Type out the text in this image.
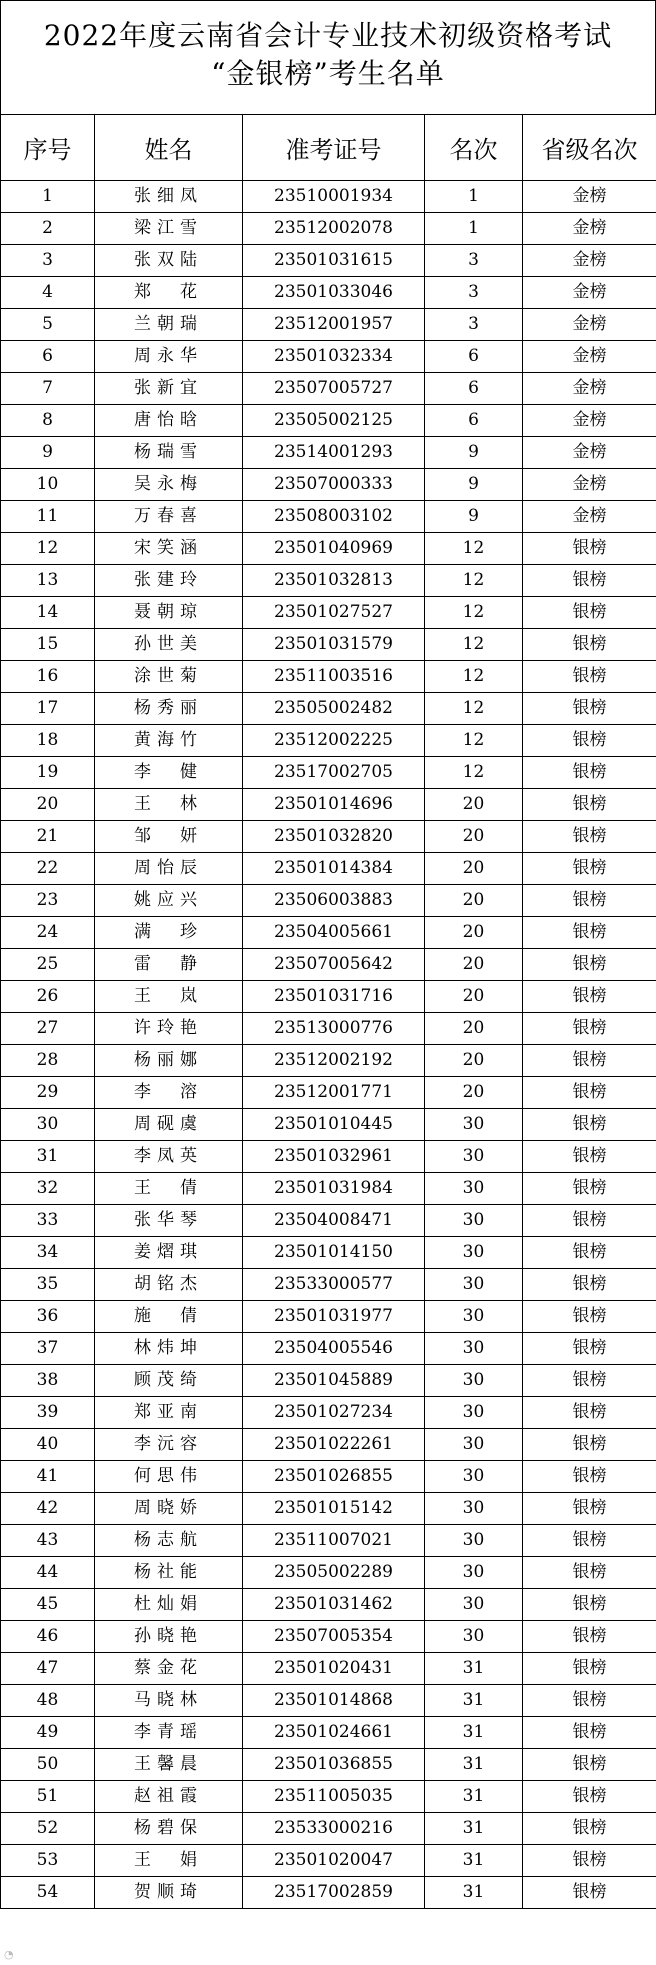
2022年度云南省会计专业技术初级资格考试
“金银榜”考生名单
序号	姓名	准考证号	名次	省级名次
1	张细凤	23510001934	1	金榜
2	梁江雪	23512002078	1	金榜
3	张双陆	23501031615	3	金榜
4	郑　花	23501033046	3	金榜
5	兰朝瑞	23512001957	3	金榜
6	周永华	23501032334	6	金榜
7	张新宜	23507005727	6	金榜
8	唐怡晗	23505002125	6	金榜
9	杨瑞雪	23514001293	9	金榜
10	吴永梅	23507000333	9	金榜
11	万春喜	23508003102	9	金榜
12	宋笑涵	23501040969	12	银榜
13	张建玲	23501032813	12	银榜
14	聂朝琼	23501027527	12	银榜
15	孙世美	23501031579	12	银榜
16	涂世菊	23511003516	12	银榜
17	杨秀丽	23505002482	12	银榜
18	黄海竹	23512002225	12	银榜
19	李　健	23517002705	12	银榜
20	王　林	23501014696	20	银榜
21	邹　妍	23501032820	20	银榜
22	周怡辰	23501014384	20	银榜
23	姚应兴	23506003883	20	银榜
24	满　珍	23504005661	20	银榜
25	雷　静	23507005642	20	银榜
26	王　岚	23501031716	20	银榜
27	许玲艳	23513000776	20	银榜
28	杨丽娜	23512002192	20	银榜
29	李　溶	23512001771	20	银榜
30	周砚虞	23501010445	30	银榜
31	李凤英	23501032961	30	银榜
32	王　倩	23501031984	30	银榜
33	张华琴	23504008471	30	银榜
34	姜熠琪	23501014150	30	银榜
35	胡铭杰	23533000577	30	银榜
36	施　倩	23501031977	30	银榜
37	林炜坤	23504005546	30	银榜
38	顾茂绮	23501045889	30	银榜
39	郑亚南	23501027234	30	银榜
40	李沅容	23501022261	30	银榜
41	何思伟	23501026855	30	银榜
42	周晓娇	23501015142	30	银榜
43	杨志航	23511007021	30	银榜
44	杨社能	23505002289	30	银榜
45	杜灿娟	23501031462	30	银榜
46	孙晓艳	23507005354	30	银榜
47	蔡金花	23501020431	31	银榜
48	马晓林	23501014868	31	银榜
49	李青瑶	23501024661	31	银榜
50	王馨晨	23501036855	31	银榜
51	赵祖霞	23511005035	31	银榜
52	杨碧保	23533000216	31	银榜
53	王　娟	23501020047	31	银榜
54	贺顺琦	23517002859	31	银榜
◔
